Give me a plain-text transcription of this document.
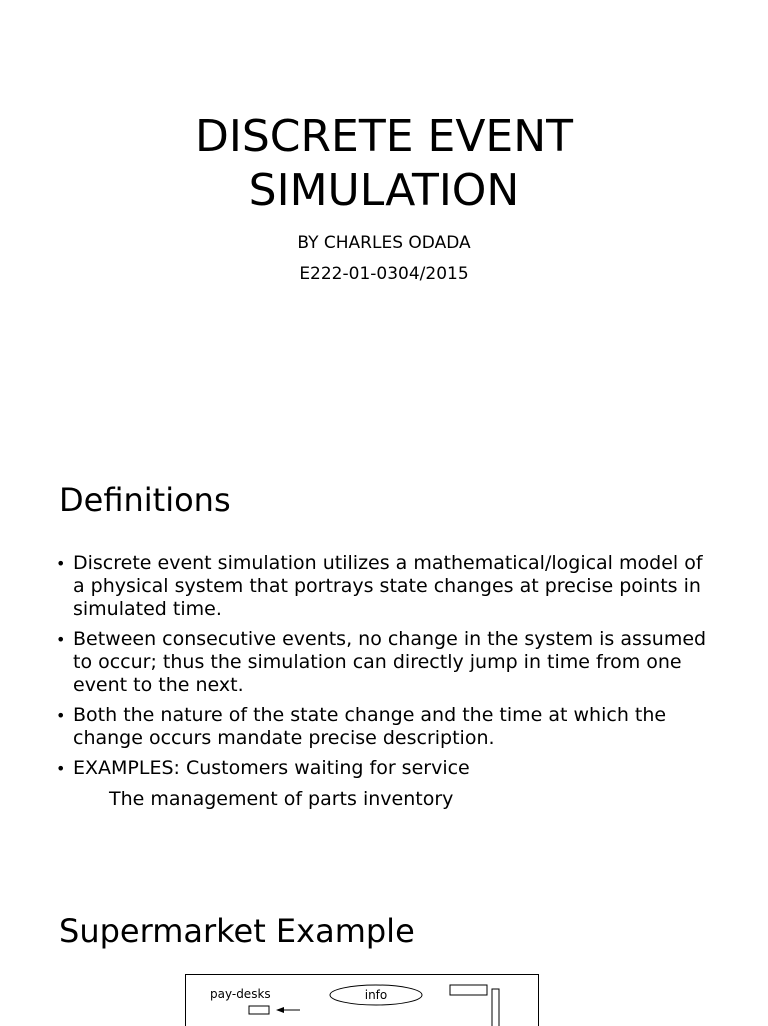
DISCRETE EVENT
SIMULATION
BY CHARLES ODADA
E222-01-0304/2015
Definitions
• Discrete event simulation utilizes a mathematical/logical model of a physical system that portrays state changes at precise points in simulated time.
• Between consecutive events, no change in the system is assumed to occur; thus the simulation can directly jump in time from one event to the next.
• Both the nature of the state change and the time at which the change occurs mandate precise description.
• EXAMPLES: Customers waiting for service
The management of parts inventory
Supermarket Example
pay-desks	info
